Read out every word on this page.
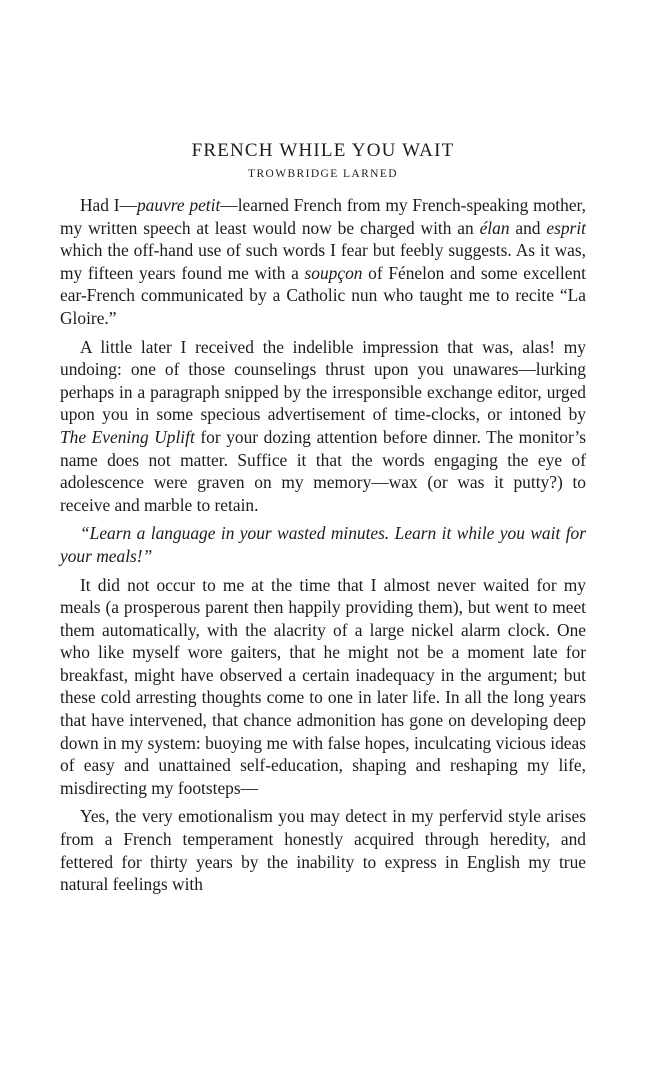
FRENCH WHILE YOU WAIT
TROWBRIDGE LARNED

Had I—pauvre petit—learned French from my French-speaking mother, my written speech at least would now be charged with an élan and esprit which the off-hand use of such words I fear but feebly suggests. As it was, my fifteen years found me with a soupçon of Fénelon and some excellent ear-French communicated by a Catholic nun who taught me to recite “La Gloire.”

A little later I received the indelible impression that was, alas! my undoing: one of those counselings thrust upon you unawares—lurking perhaps in a paragraph snipped by the irresponsible exchange editor, urged upon you in some specious advertisement of time-clocks, or intoned by The Evening Uplift for your dozing attention before dinner. The monitor’s name does not matter. Suffice it that the words engaging the eye of adolescence were graven on my memory—wax (or was it putty?) to receive and marble to retain.

“Learn a language in your wasted minutes. Learn it while you wait for your meals!”

It did not occur to me at the time that I almost never waited for my meals (a prosperous parent then happily providing them), but went to meet them automatically, with the alacrity of a large nickel alarm clock. One who like myself wore gaiters, that he might not be a moment late for breakfast, might have observed a certain inadequacy in the argument; but these cold arresting thoughts come to one in later life. In all the long years that have intervened, that chance admonition has gone on developing deep down in my system: buoying me with false hopes, inculcating vicious ideas of easy and unattained self-education, shaping and reshaping my life, misdirecting my footsteps—

Yes, the very emotionalism you may detect in my perfervid style arises from a French temperament honestly acquired through heredity, and fettered for thirty years by the inability to express in English my true natural feelings with
